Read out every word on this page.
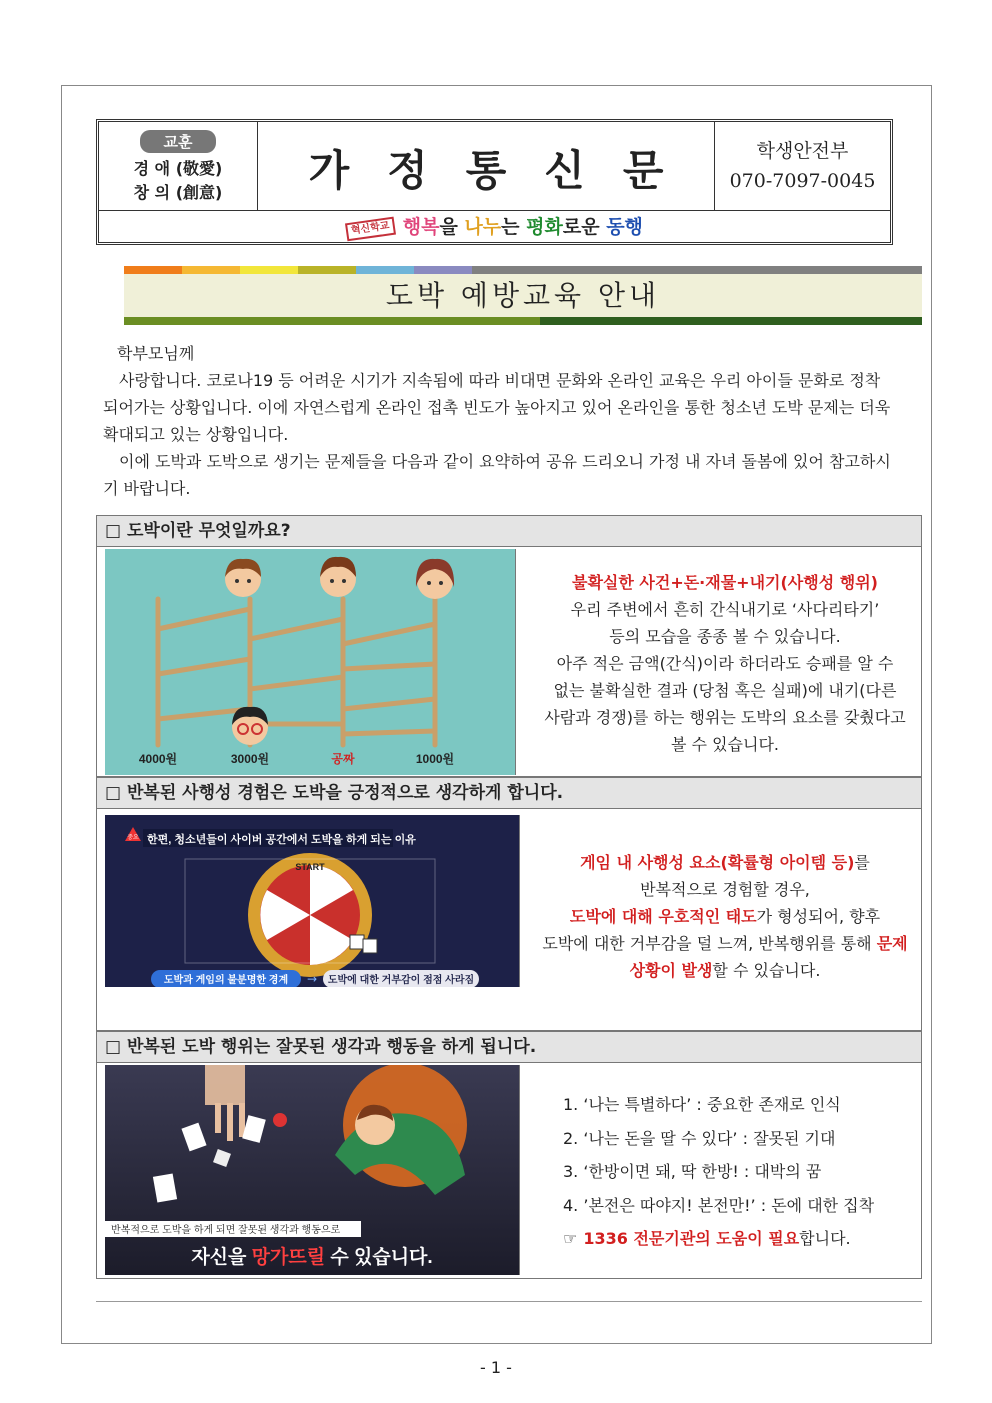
교훈
경 애 (敬愛)
창 의 (創意)	가정통신문	학생안전부
070-7097-0045
혁신학교 행복을 나누는 평화로운 동행
도박 예방교육 안내

학부모님께

사랑합니다. 코로나19 등 어려운 시기가 지속됨에 따라 비대면 문화와 온라인 교육은 우리 아이들 문화로 정착되어가는 상황입니다. 이에 자연스럽게 온라인 접촉 빈도가 높아지고 있어 온라인을 통한 청소년 도박 문제는 더욱 확대되고 있는 상황입니다.

이에 도박과 도박으로 생기는 문제들을 다음과 같이 요약하여 공유 드리오니 가정 내 자녀 돌봄에 있어 참고하시기 바랍니다.

□ 도박이란 무엇일까요?
4000원	3000원	공짜	1000원
불확실한 사건+돈·재물+내기(사행성 행위)
우리 주변에서 흔히 간식내기로 ‘사다리타기’
등의 모습을 종종 볼 수 있습니다.
아주 적은 금액(간식)이라 하더라도 승패를 알 수
없는 불확실한 결과 (당첨 혹은 실패)에 내기(다른
사람과 경쟁)를 하는 행위는 도박의 요소를 갖췄다고
볼 수 있습니다.
□ 반복된 사행성 경험은 도박을 긍정적으로 생각하게 합니다.
중요 한편, 청소년들이 사이버 공간에서 도박을 하게 되는 이유
START
도박과 게임의 불분명한 경계 → 도박에 대한 거부감이 점점 사라짐
게임 내 사행성 요소(확률형 아이템 등)를
반복적으로 경험할 경우,
도박에 대해 우호적인 태도가 형성되어, 향후
도박에 대한 거부감을 덜 느껴, 반복행위를 통해 문제
상황이 발생할 수 있습니다.
□ 반복된 도박 행위는 잘못된 생각과 행동을 하게 됩니다.
반복적으로 도박을 하게 되면 잘못된 생각과 행동으로
자신을 망가뜨릴 수 있습니다.
1. ‘나는 특별하다’ : 중요한 존재로 인식
2. ‘나는 돈을 딸 수 있다’ : 잘못된 기대
3. ‘한방이면 돼, 딱 한방! : 대박의 꿈
4. ’본전은 따야지! 본전만!’ : 돈에 대한 집착
☞ 1336 전문기관의 도움이 필요합니다.
- 1 -
